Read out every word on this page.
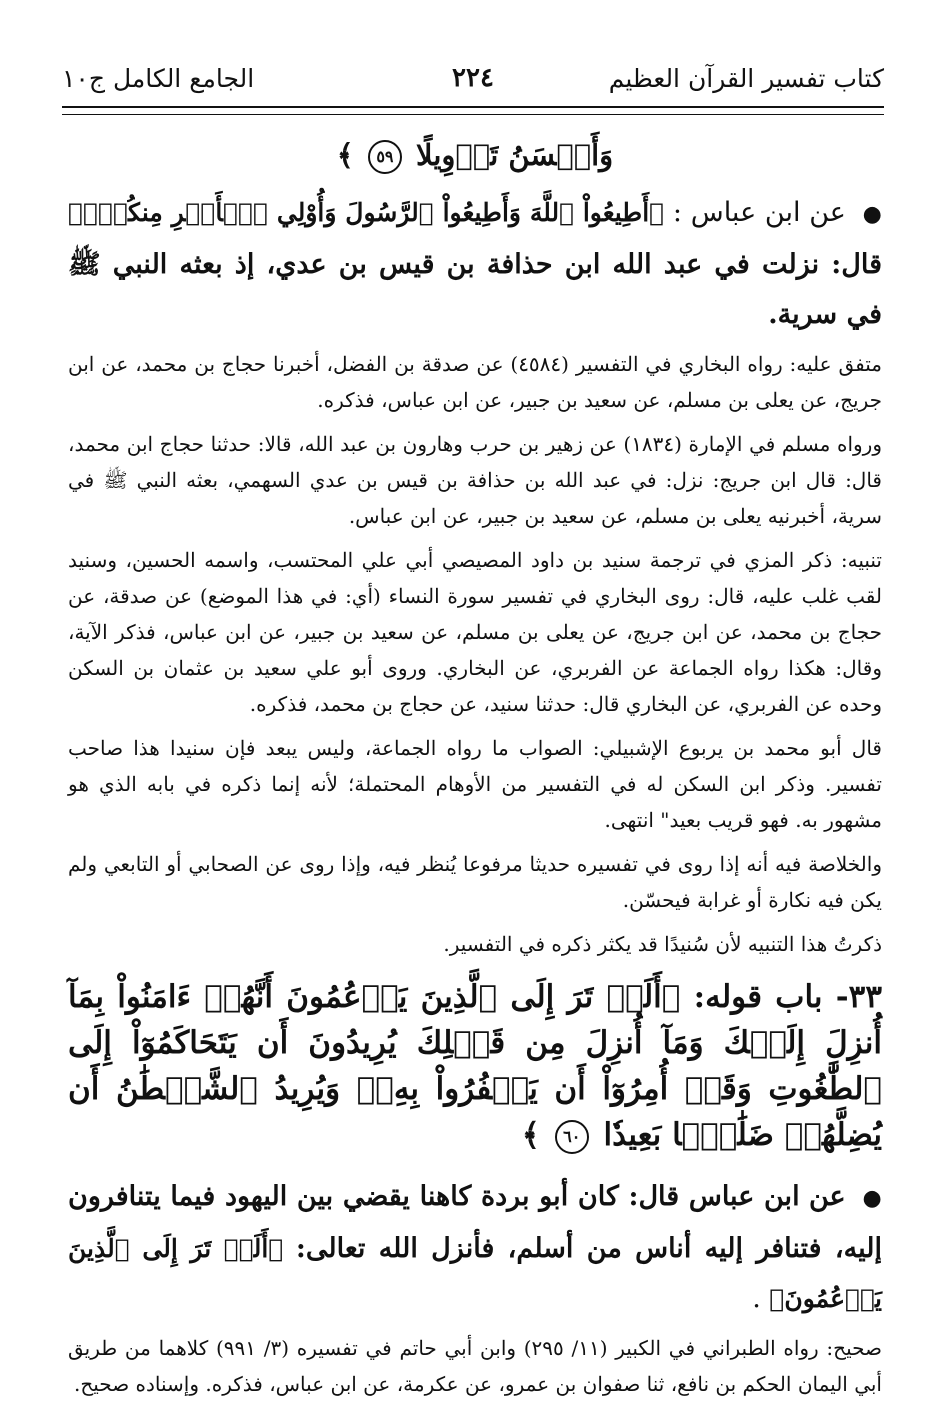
كتاب تفسير القرآن العظيم
٢٢٤
الجامع الكامل ج١٠
وَأَحۡسَنُ تَأۡوِيلًا ٥٩ ﴾

● عن ابن عباس : ﴿أَطِيعُواْ ٱللَّهَ وَأَطِيعُواْ ٱلرَّسُولَ وَأُوْلِي ٱلۡأَمۡرِ مِنكُمۡۖ﴾ قال: نزلت في عبد الله ابن حذافة بن قيس بن عدي، إذ بعثه النبي ﷺ في سرية.

متفق عليه: رواه البخاري في التفسير (٤٥٨٤) عن صدقة بن الفضل، أخبرنا حجاج بن محمد، عن ابن جريج، عن يعلى بن مسلم، عن سعيد بن جبير، عن ابن عباس، فذكره.

ورواه مسلم في الإمارة (١٨٣٤) عن زهير بن حرب وهارون بن عبد الله، قالا: حدثنا حجاج ابن محمد، قال: قال ابن جريج: نزل: في عبد الله بن حذافة بن قيس بن عدي السهمي، بعثه النبي ﷺ في سرية، أخبرنيه يعلى بن مسلم، عن سعيد بن جبير، عن ابن عباس.

تنبيه: ذكر المزي في ترجمة سنيد بن داود المصيصي أبي علي المحتسب، واسمه الحسين، وسنيد لقب غلب عليه، قال: روى البخاري في تفسير سورة النساء (أي: في هذا الموضع) عن صدقة، عن حجاج بن محمد، عن ابن جريج، عن يعلى بن مسلم، عن سعيد بن جبير، عن ابن عباس، فذكر الآية، وقال: هكذا رواه الجماعة عن الفربري، عن البخاري. وروى أبو علي سعيد بن عثمان بن السكن وحده عن الفربري، عن البخاري قال: حدثنا سنيد، عن حجاج بن محمد، فذكره.

قال أبو محمد بن يربوع الإشبيلي: الصواب ما رواه الجماعة، وليس يبعد فإن سنيدا هذا صاحب تفسير. وذكر ابن السكن له في التفسير من الأوهام المحتملة؛ لأنه إنما ذكره في بابه الذي هو مشهور به. فهو قريب بعيد" انتهى.

والخلاصة فيه أنه إذا روى في تفسيره حديثا مرفوعا يُنظر فيه، وإذا روى عن الصحابي أو التابعي ولم يكن فيه نكارة أو غرابة فيحسّن.

ذكرتُ هذا التنبيه لأن سُنيدًا قد يكثر ذكره في التفسير.

٣٣- باب قوله: ﴿أَلَمۡ تَرَ إِلَى ٱلَّذِينَ يَزۡعُمُونَ أَنَّهُمۡ ءَامَنُواْ بِمَآ أُنزِلَ إِلَيۡكَ وَمَآ أُنزِلَ مِن قَبۡلِكَ يُرِيدُونَ أَن يَتَحَاكَمُوٓاْ إِلَى ٱلطَّٰغُوتِ وَقَدۡ أُمِرُوٓاْ أَن يَكۡفُرُواْ بِهِۦۖ وَيُرِيدُ ٱلشَّيۡطَٰنُ أَن يُضِلَّهُمۡ ضَلَٰلَۢا بَعِيدٗا ٦٠ ﴾

● عن ابن عباس قال: كان أبو بردة كاهنا يقضي بين اليهود فيما يتنافرون إليه، فتنافر إليه أناس من أسلم، فأنزل الله تعالى: ﴿أَلَمۡ تَرَ إِلَى ٱلَّذِينَ يَزۡعُمُونَ﴾ .

صحيح: رواه الطبراني في الكبير (١١/ ٢٩٥) وابن أبي حاتم في تفسيره (٣/ ٩٩١) كلاهما من طريق أبي اليمان الحكم بن نافع، ثنا صفوان بن عمرو، عن عكرمة، عن ابن عباس، فذكره. وإسناده صحيح.
